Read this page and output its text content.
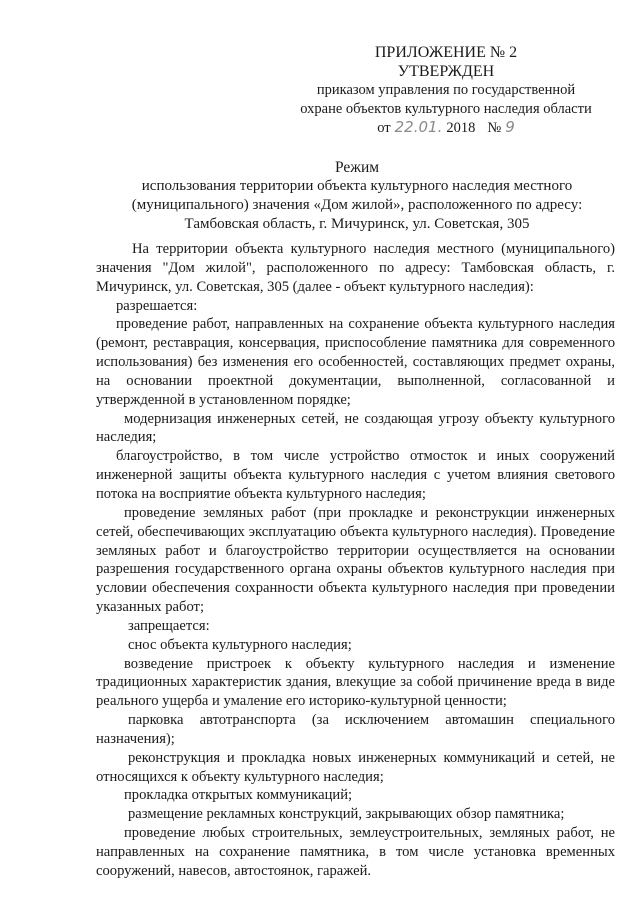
ПРИЛОЖЕНИЕ № 2
УТВЕРЖДЕН
приказом управления по государственной
охране объектов культурного наследия области
от 22.01. 2018 № 9
Режим
использования территории объекта культурного наследия местного
(муниципального) значения «Дом жилой», расположенного по адресу:
Тамбовская область, г. Мичуринск, ул. Советская, 305

На территории объекта культурного наследия местного (муниципального) значения "Дом жилой", расположенного по адресу: Тамбовская область, г. Мичуринск, ул. Советская, 305 (далее - объект культурного наследия):

разрешается:

проведение работ, направленных на сохранение объекта культурного наследия (ремонт, реставрация, консервация, приспособление памятника для современного использования) без изменения его особенностей, составляющих предмет охраны, на основании проектной документации, выполненной, согласованной и утвержденной в установленном порядке;

модернизация инженерных сетей, не создающая угрозу объекту культурного наследия;

благоустройство, в том числе устройство отмосток и иных сооружений инженерной защиты объекта культурного наследия с учетом влияния светового потока на восприятие объекта культурного наследия;

проведение земляных работ (при прокладке и реконструкции инженерных сетей, обеспечивающих эксплуатацию объекта культурного наследия). Проведение земляных работ и благоустройство территории осуществляется на основании разрешения государственного органа охраны объектов культурного наследия при условии обеспечения сохранности объекта культурного наследия при проведении указанных работ;

запрещается:

снос объекта культурного наследия;

возведение пристроек к объекту культурного наследия и изменение традиционных характеристик здания, влекущие за собой причинение вреда в виде реального ущерба и умаление его историко-культурной ценности;

парковка автотранспорта (за исключением автомашин специального назначения);

реконструкция и прокладка новых инженерных коммуникаций и сетей, не относящихся к объекту культурного наследия;

прокладка открытых коммуникаций;

размещение рекламных конструкций, закрывающих обзор памятника;

проведение любых строительных, землеустроительных, земляных работ, не направленных на сохранение памятника, в том числе установка временных сооружений, навесов, автостоянок, гаражей.
